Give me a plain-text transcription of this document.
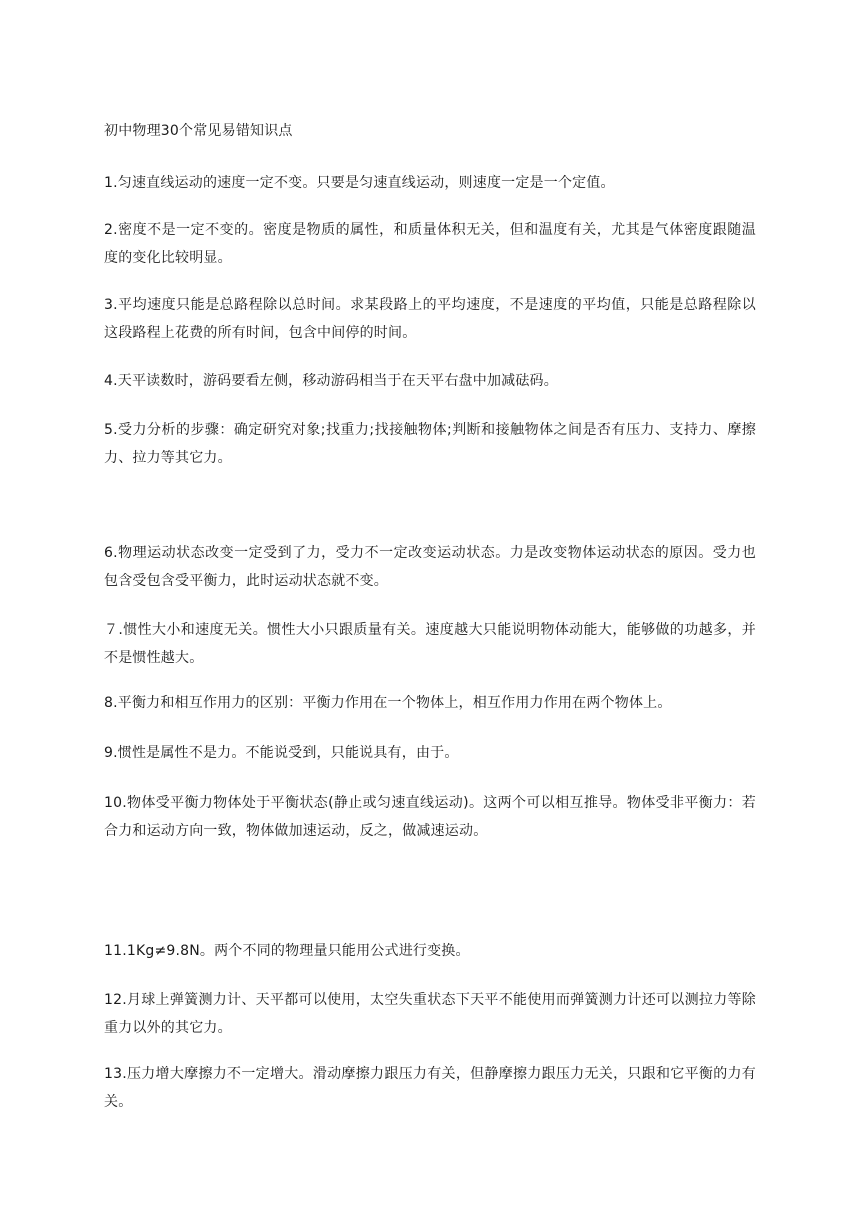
初中物理30个常见易错知识点

1.匀速直线运动的速度一定不变。只要是匀速直线运动，则速度一定是一个定值。

2.密度不是一定不变的。密度是物质的属性，和质量体积无关，但和温度有关，尤其是气体密度跟随温度的变化比较明显。

3.平均速度只能是总路程除以总时间。求某段路上的平均速度，不是速度的平均值，只能是总路程除以这段路程上花费的所有时间，包含中间停的时间。

4.天平读数时，游码要看左侧，移动游码相当于在天平右盘中加减砝码。

5.受力分析的步骤：确定研究对象;找重力;找接触物体;判断和接触物体之间是否有压力、支持力、摩擦力、拉力等其它力。

6.物理运动状态改变一定受到了力，受力不一定改变运动状态。力是改变物体运动状态的原因。受力也包含受包含受平衡力，此时运动状态就不变。

７.惯性大小和速度无关。惯性大小只跟质量有关。速度越大只能说明物体动能大，能够做的功越多，并不是惯性越大。

8.平衡力和相互作用力的区别：平衡力作用在一个物体上，相互作用力作用在两个物体上。

9.惯性是属性不是力。不能说受到，只能说具有，由于。

10.物体受平衡力物体处于平衡状态(静止或匀速直线运动)。这两个可以相互推导。物体受非平衡力：若合力和运动方向一致，物体做加速运动，反之，做减速运动。

11.1Kg≠9.8N。两个不同的物理量只能用公式进行变换。

12.月球上弹簧测力计、天平都可以使用，太空失重状态下天平不能使用而弹簧测力计还可以测拉力等除重力以外的其它力。

13.压力增大摩擦力不一定增大。滑动摩擦力跟压力有关，但静摩擦力跟压力无关，只跟和它平衡的力有关。
